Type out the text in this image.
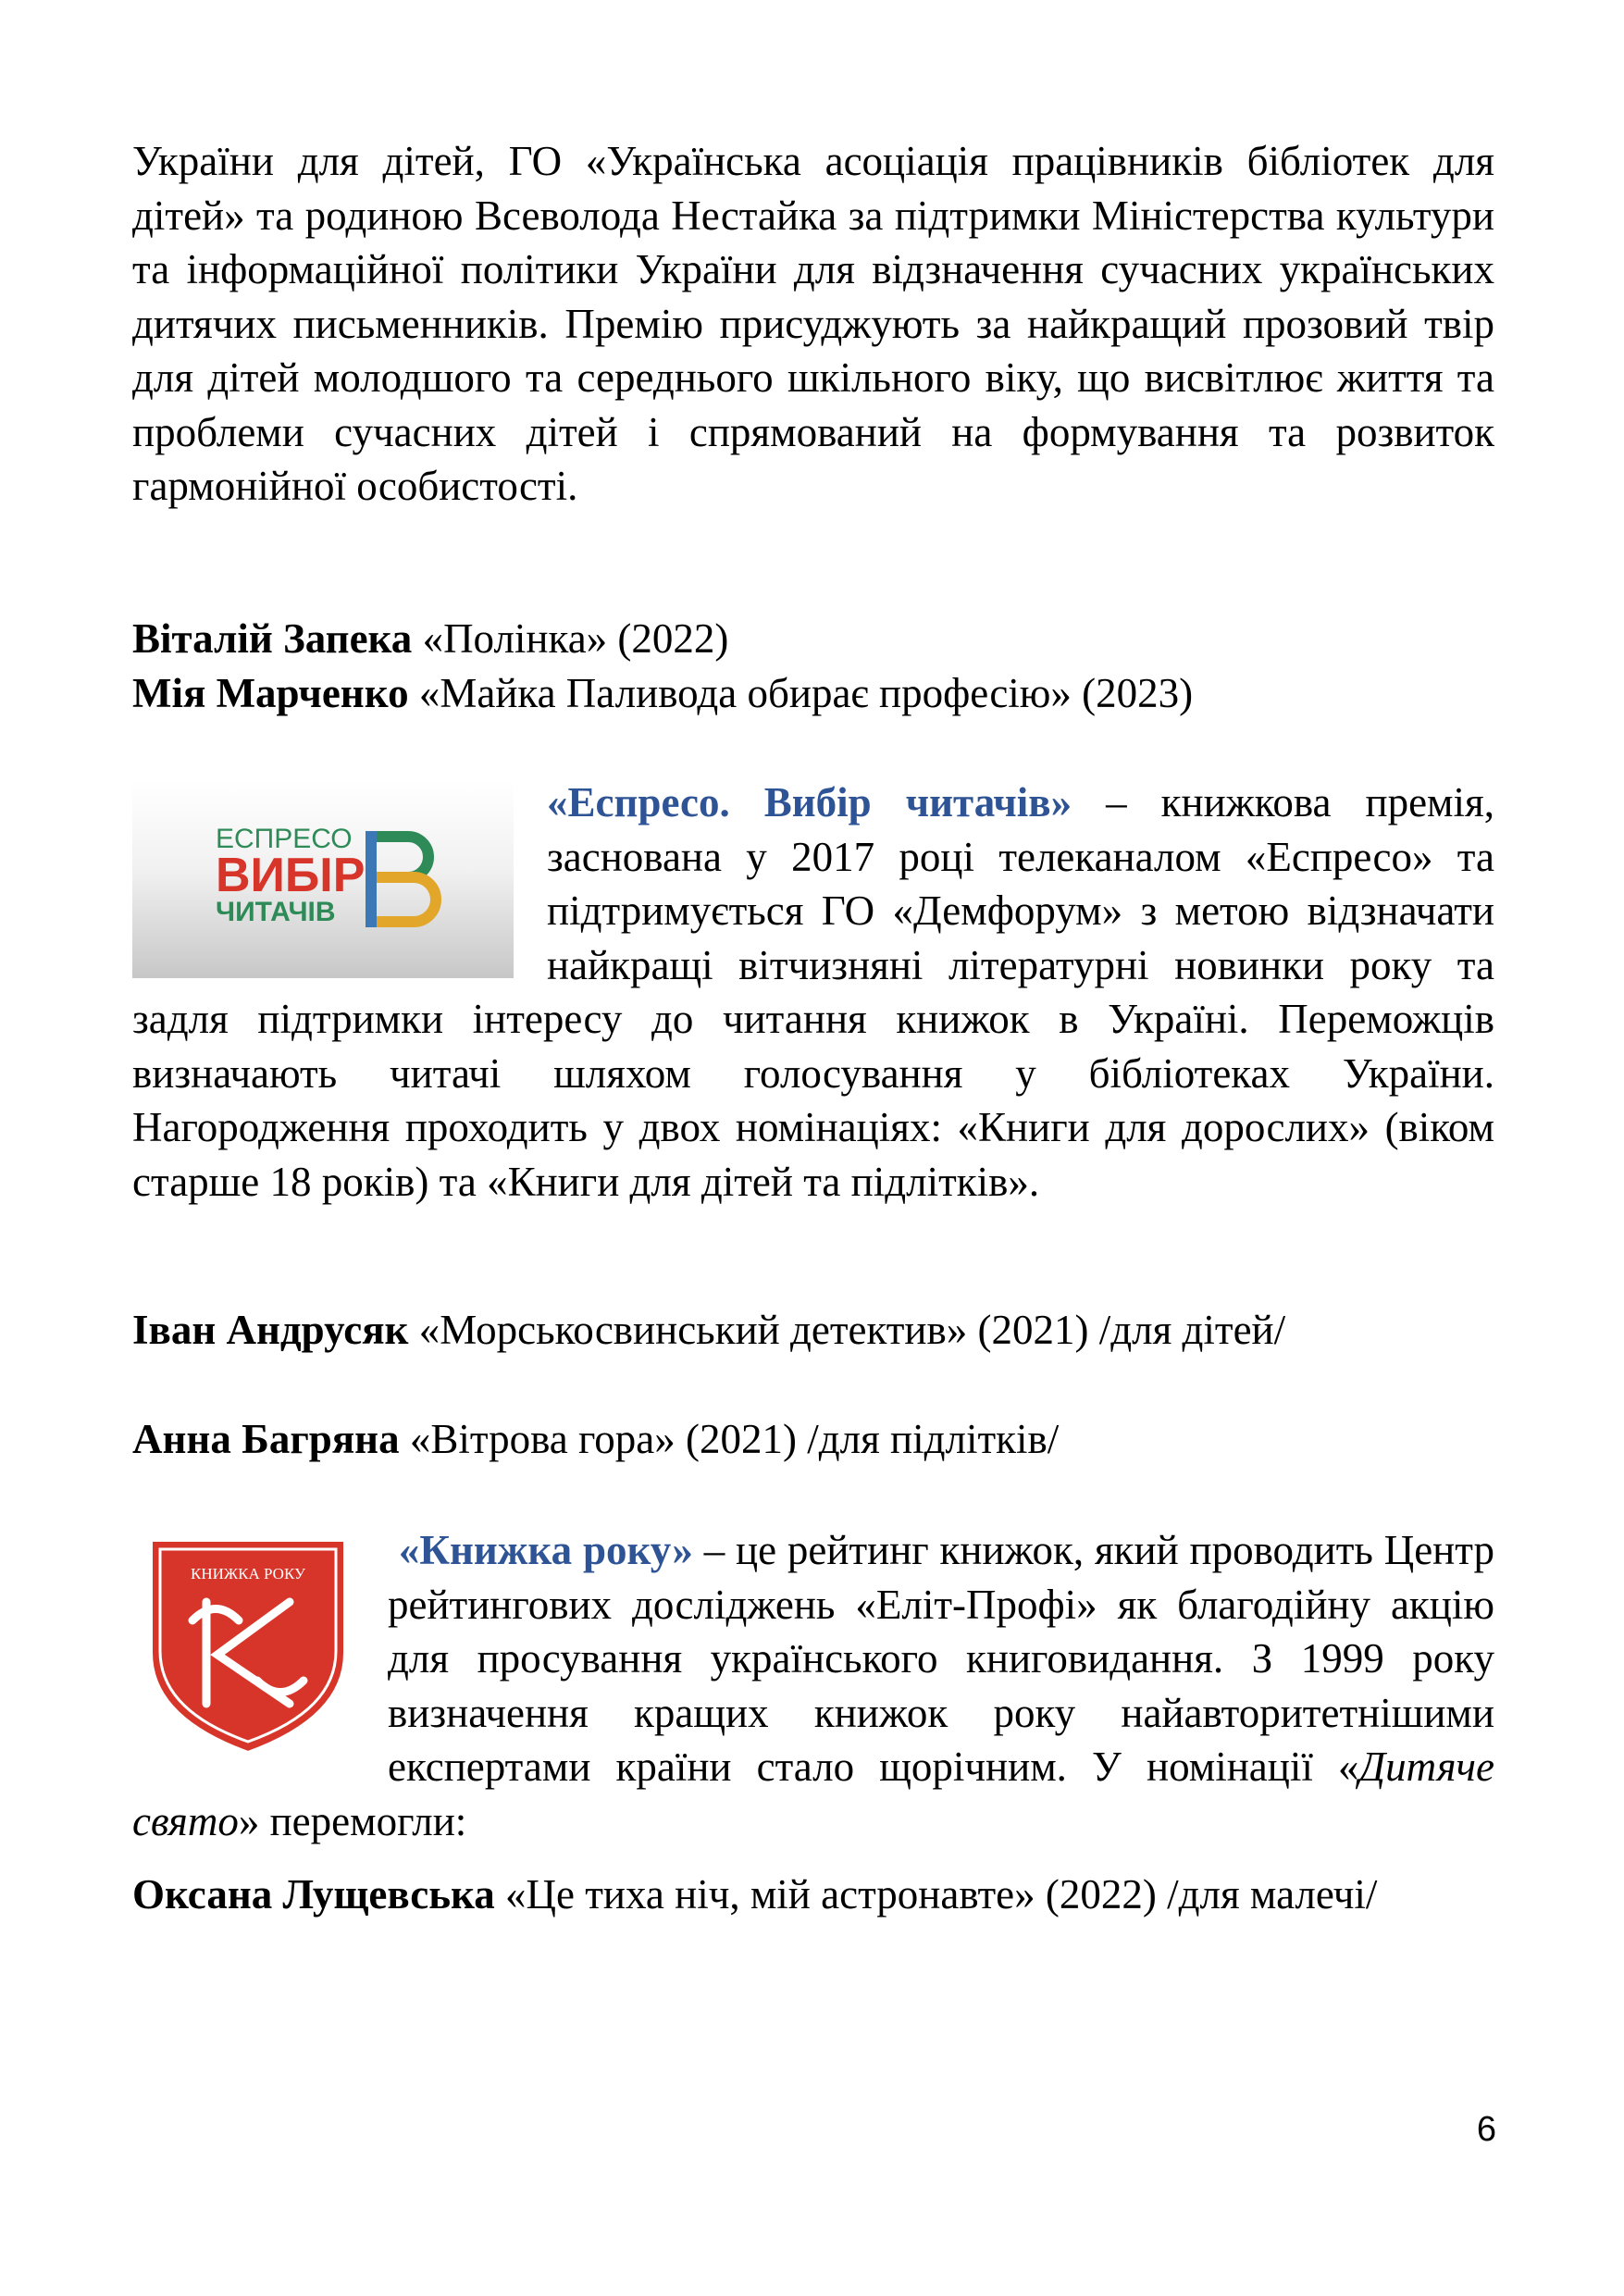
України для дітей, ГО «Українська асоціація працівників бібліотек для дітей» та родиною Всеволода Нестайка за підтримки Міністерства культури та інформаційної політики України для відзначення сучасних українських дитячих письменників. Премію присуджують за найкращий прозовий твір для дітей молодшого та середнього шкільного віку, що висвітлює життя та проблеми сучасних дітей і спрямований на формування та розвиток гармонійної особистості.

Віталій Запека «Полінка» (2022)

Мія Марченко «Майка Паливода обирає професію» (2023)

ЕСПРЕСО
ВИБІР
ЧИТАЧІВ

«Еспресо. Вибір читачів» – книжкова премія, заснована у 2017 році телеканалом «Еспресо» та підтримується ГО «Демфорум» з метою відзначати найкращі вітчизняні літературні новинки року та задля підтримки інтересу до читання книжок в Україні. Переможців визначають читачі шляхом голосування у бібліотеках України. Нагородження проходить у двох номінаціях: «Книги для дорослих» (віком старше 18 років) та «Книги для дітей та підлітків».

Іван Андрусяк «Морськосвинський детектив» (2021) /для дітей/

Анна Багряна «Вітрова гора» (2021) /для підлітків/

КНИЖКА РОКУ

«Книжка року» – це рейтинг книжок, який проводить Центр рейтингових досліджень «Еліт-Профі» як благодійну акцію для просування українського книговидання. З 1999 року визначення кращих книжок року найавторитетнішими експертами країни стало щорічним. У номінації «Дитяче свято» перемогли:

Оксана Лущевська «Це тиха ніч, мій астронавте» (2022) /для малечі/

6
